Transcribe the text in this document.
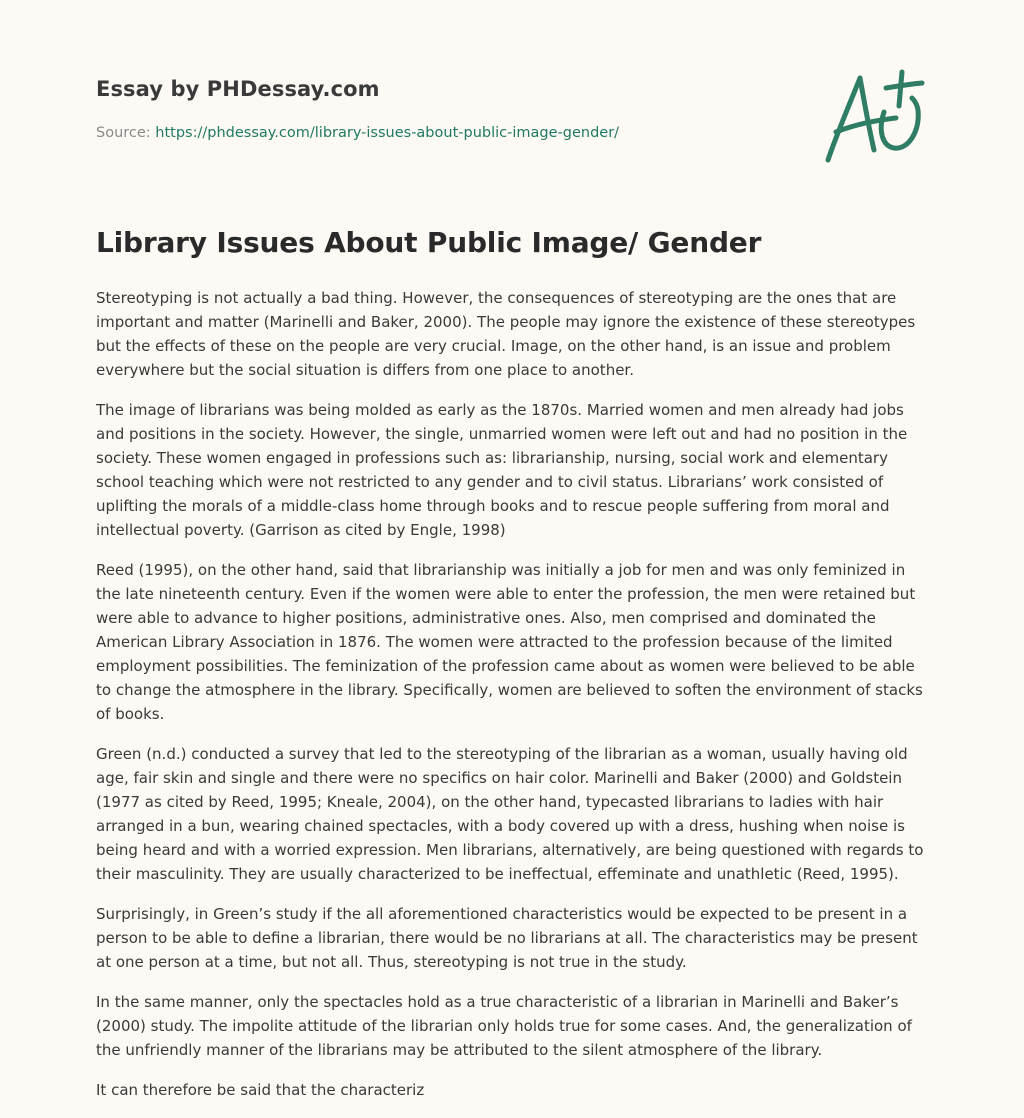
Essay by PHDessay.com
Source: https://phdessay.com/library-issues-about-public-image-gender/
Library Issues About Public Image/ Gender

Stereotyping is not actually a bad thing. However, the consequences of stereotyping are the ones that are important and matter (Marinelli and Baker, 2000). The people may ignore the existence of these stereotypes but the effects of these on the people are very crucial. Image, on the other hand, is an issue and problem everywhere but the social situation is differs from one place to another.

The image of librarians was being molded as early as the 1870s. Married women and men already had jobs and positions in the society. However, the single, unmarried women were left out and had no position in the society. These women engaged in professions such as: librarianship, nursing, social work and elementary school teaching which were not restricted to any gender and to civil status. Librarians’ work consisted of uplifting the morals of a middle-class home through books and to rescue people suffering from moral and intellectual poverty. (Garrison as cited by Engle, 1998)

Reed (1995), on the other hand, said that librarianship was initially a job for men and was only feminized in the late nineteenth century. Even if the women were able to enter the profession, the men were retained but were able to advance to higher positions, administrative ones. Also, men comprised and dominated the American Library Association in 1876. The women were attracted to the profession because of the limited employment possibilities. The feminization of the profession came about as women were believed to be able to change the atmosphere in the library. Specifically, women are believed to soften the environment of stacks of books.

Green (n.d.) conducted a survey that led to the stereotyping of the librarian as a woman, usually having old age, fair skin and single and there were no specifics on hair color. Marinelli and Baker (2000) and Goldstein (1977 as cited by Reed, 1995; Kneale, 2004), on the other hand, typecasted librarians to ladies with hair arranged in a bun, wearing chained spectacles, with a body covered up with a dress, hushing when noise is being heard and with a worried expression. Men librarians, alternatively, are being questioned with regards to their masculinity. They are usually characterized to be ineffectual, effeminate and unathletic (Reed, 1995).

Surprisingly, in Green’s study if the all aforementioned characteristics would be expected to be present in a person to be able to define a librarian, there would be no librarians at all. The characteristics may be present at one person at a time, but not all. Thus, stereotyping is not true in the study.

In the same manner, only the spectacles hold as a true characteristic of a librarian in Marinelli and Baker’s (2000) study. The impolite attitude of the librarian only holds true for some cases. And, the generalization of the unfriendly manner of the librarians may be attributed to the silent atmosphere of the library.

It can therefore be said that the characteriz
